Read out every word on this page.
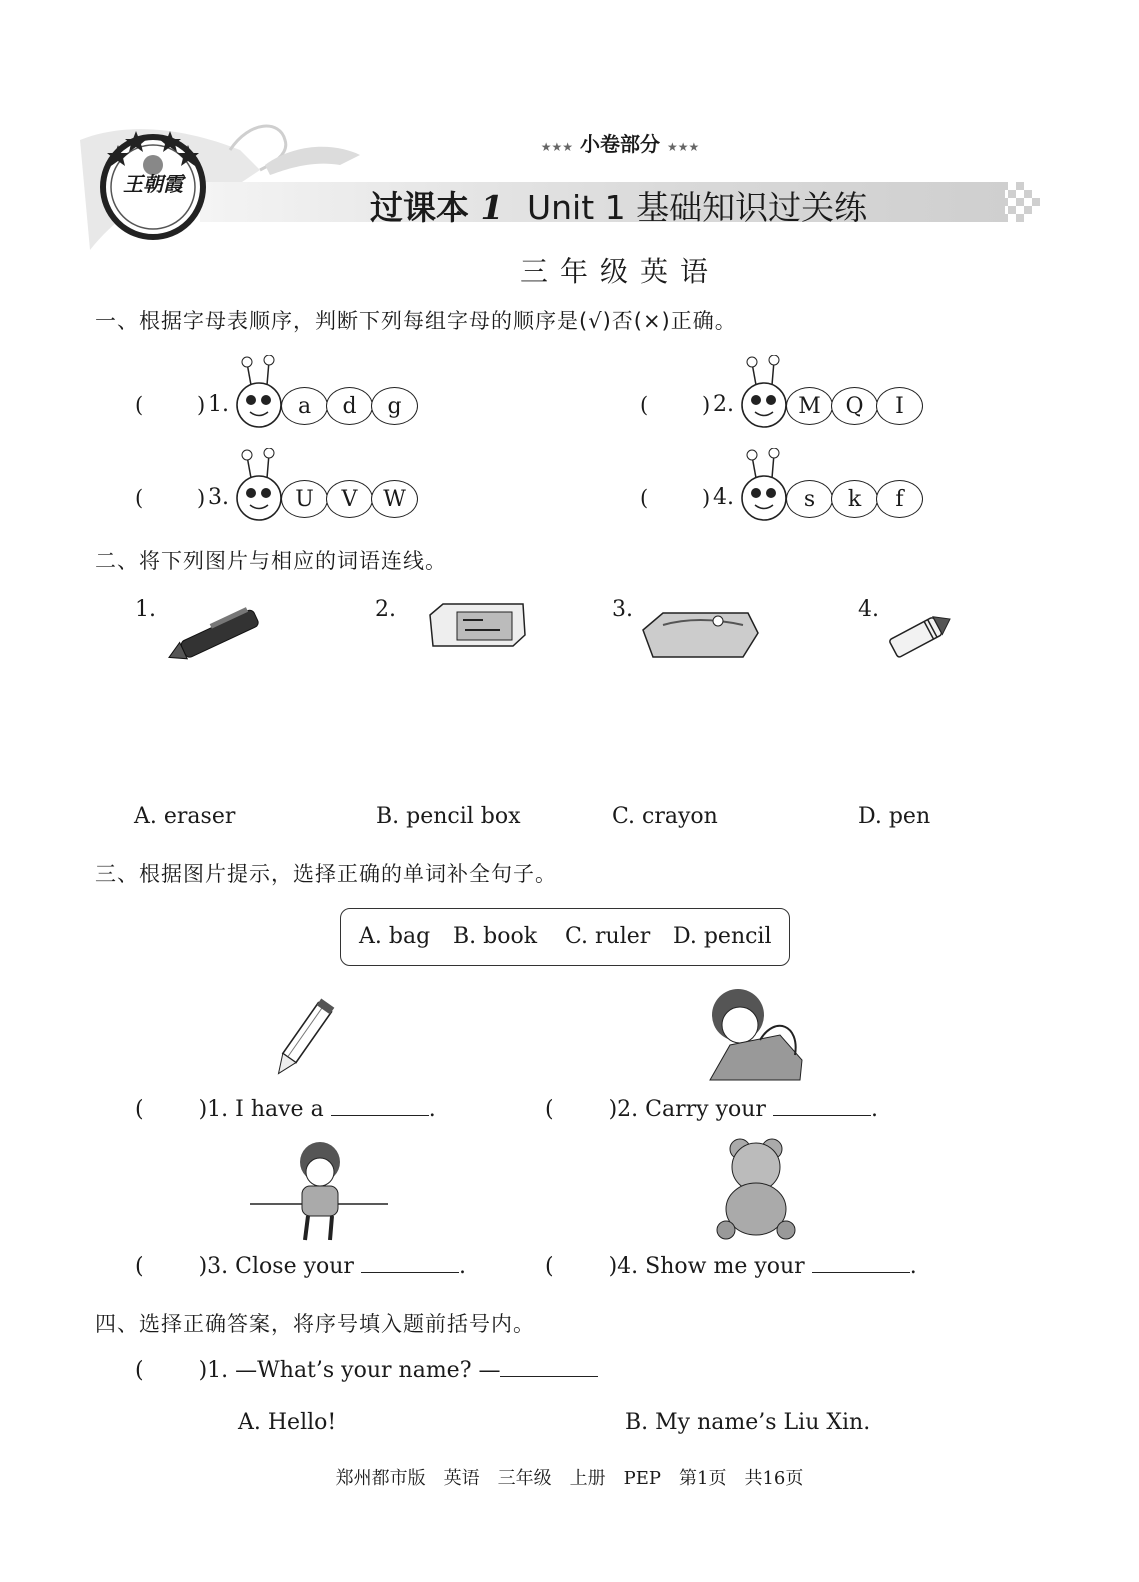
王朝霞
★★★ 小卷部分 ★★★
过课本 1 Unit 1 基础知识过关练
三年级英语
一、根据字母表顺序，判断下列每组字母的顺序是(√)否(×)正确。
(	) 1.	a	d	g	(	) 2.	M	Q	I
(	) 3.	U	V	W	(	) 4.	s	k	f
二、将下列图片与相应的词语连线。
1.	2.	3.	4.
A. eraser	B. pencil box	C. crayon	D. pen
三、根据图片提示，选择正确的单词补全句子。
A. bag B. book C. ruler D. pencil
(	)1. I have a	.	(	)2. Carry your	.
(	)3. Close your	.	(	)4. Show me your	.
四、选择正确答案，将序号填入题前括号内。
(	)1. —What’s your name? —
A. Hello!	B. My name’s Liu Xin.
郑州都市版　英语　三年级　上册　PEP　第1页　共16页
